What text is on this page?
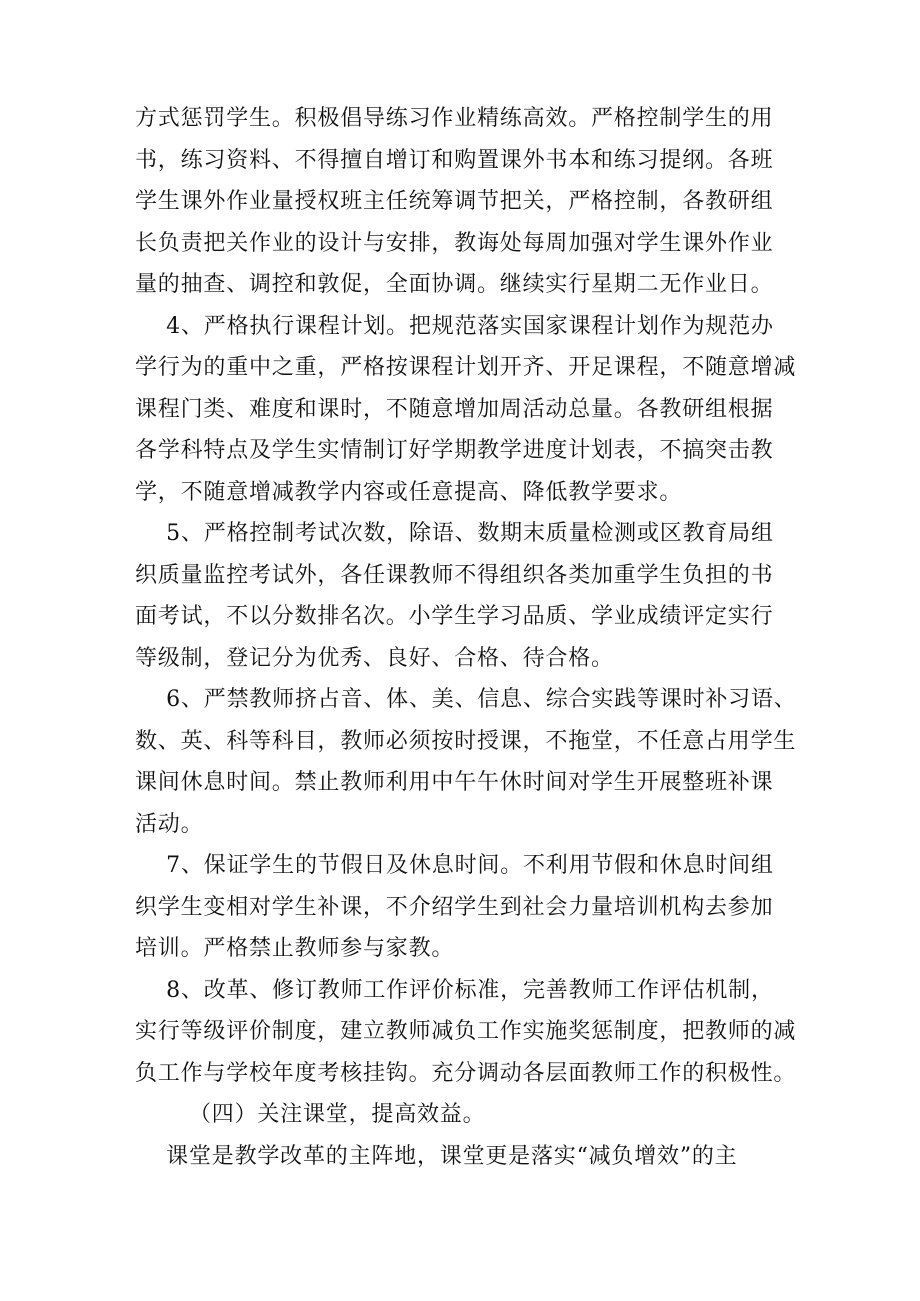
方式惩罚学生。积极倡导练习作业精练高效。严格控制学生的用
书，练习资料、不得擅自增订和购置课外书本和练习提纲。各班
学生课外作业量授权班主任统筹调节把关，严格控制，各教研组
长负责把关作业的设计与安排，教诲处每周加强对学生课外作业
量的抽查、调控和敦促，全面协调。继续实行星期二无作业日。
4、严格执行课程计划。把规范落实国家课程计划作为规范办
学行为的重中之重，严格按课程计划开齐、开足课程，不随意增减
课程门类、难度和课时，不随意增加周活动总量。各教研组根据
各学科特点及学生实情制订好学期教学进度计划表，不搞突击教
学，不随意增减教学内容或任意提高、降低教学要求。
5、严格控制考试次数，除语、数期末质量检测或区教育局组
织质量监控考试外，各任课教师不得组织各类加重学生负担的书
面考试，不以分数排名次。小学生学习品质、学业成绩评定实行
等级制，登记分为优秀、良好、合格、待合格。
6、严禁教师挤占音、体、美、信息、综合实践等课时补习语、
数、英、科等科目，教师必须按时授课，不拖堂，不任意占用学生
课间休息时间。禁止教师利用中午午休时间对学生开展整班补课
活动。
7、保证学生的节假日及休息时间。不利用节假和休息时间组
织学生变相对学生补课，不介绍学生到社会力量培训机构去参加
培训。严格禁止教师参与家教。
8、改革、修订教师工作评价标准，完善教师工作评估机制，
实行等级评价制度，建立教师减负工作实施奖惩制度，把教师的减
负工作与学校年度考核挂钩。充分调动各层面教师工作的积极性。
（四）关注课堂，提高效益。
课堂是教学改革的主阵地，课堂更是落实“减负增效”的主
